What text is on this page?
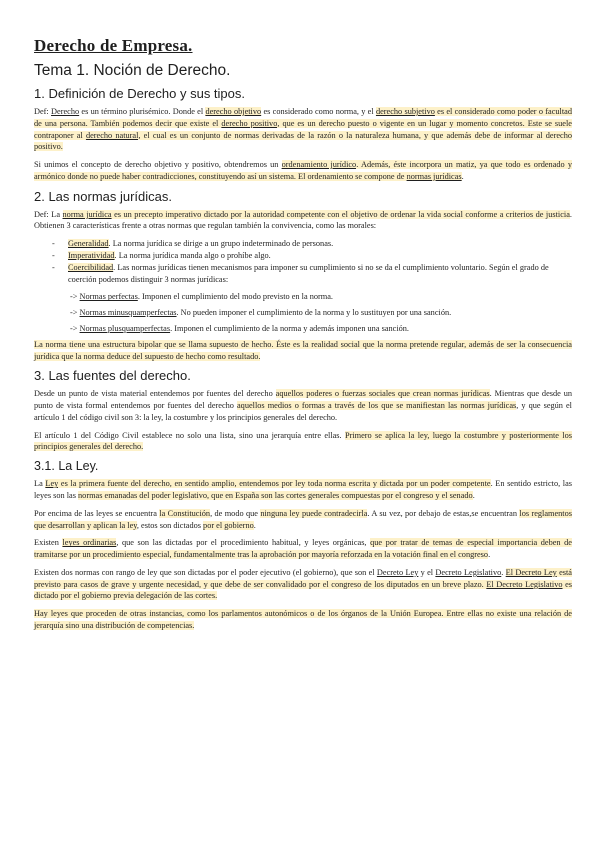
Derecho de Empresa.
Tema 1. Noción de Derecho.
1. Definición de Derecho y sus tipos.

Def: Derecho es un término plurisémico. Donde el derecho objetivo es considerado como norma, y el derecho subjetivo es el considerado como poder o facultad de una persona. También podemos decir que existe el derecho positivo, que es un derecho puesto o vigente en un lugar y momento concretos. Este se suele contraponer al derecho natural, el cual es un conjunto de normas derivadas de la razón o la naturaleza humana, y que además debe de informar al derecho positivo.

Si unimos el concepto de derecho objetivo y positivo, obtendremos un ordenamiento jurídico. Además, éste incorpora un matiz, ya que todo es ordenado y armónico donde no puede haber contradicciones, constituyendo así un sistema. El ordenamiento se compone de normas jurídicas.

2. Las normas jurídicas.

Def: La norma jurídica es un precepto imperativo dictado por la autoridad competente con el objetivo de ordenar la vida social conforme a criterios de justicia. Obtienen 3 características frente a otras normas que regulan también la convivencia, como las morales:

- Generalidad. La norma jurídica se dirige a un grupo indeterminado de personas.
- Imperatividad. La norma jurídica manda algo o prohíbe algo.
- Coercibilidad. Las normas jurídicas tienen mecanismos para imponer su cumplimiento si no se da el cumplimiento voluntario. Según el grado de coerción podemos distinguir 3 normas jurídicas:
-> Normas perfectas. Imponen el cumplimiento del modo previsto en la norma.
-> Normas minusquamperfectas. No pueden imponer el cumplimiento de la norma y lo sustituyen por una sanción.
-> Normas plusquamperfectas. Imponen el cumplimiento de la norma y además imponen una sanción.

La norma tiene una estructura bipolar que se llama supuesto de hecho. Éste es la realidad social que la norma pretende regular, además de ser la consecuencia jurídica que la norma deduce del supuesto de hecho como resultado.

3. Las fuentes del derecho.

Desde un punto de vista material entendemos por fuentes del derecho aquellos poderes o fuerzas sociales que crean normas jurídicas. Mientras que desde un punto de vista formal entendemos por fuentes del derecho aquellos medios o formas a través de los que se manifiestan las normas jurídicas, y que según el artículo 1 del código civil son 3: la ley, la costumbre y los principios generales del derecho.

El artículo 1 del Código Civil establece no solo una lista, sino una jerarquía entre ellas. Primero se aplica la ley, luego la costumbre y posteriormente los principios generales del derecho.

3.1. La Ley.

La Ley es la primera fuente del derecho, en sentido amplio, entendemos por ley toda norma escrita y dictada por un poder competente. En sentido estricto, las leyes son las normas emanadas del poder legislativo, que en España son las cortes generales compuestas por el congreso y el senado.

Por encima de las leyes se encuentra la Constitución, de modo que ninguna ley puede contradecirla. A su vez, por debajo de estas,se encuentran los reglamentos que desarrollan y aplican la ley, estos son dictados por el gobierno.

Existen leyes ordinarias, que son las dictadas por el procedimiento habitual, y leyes orgánicas, que por tratar de temas de especial importancia deben de tramitarse por un procedimiento especial, fundamentalmente tras la aprobación por mayoría reforzada en la votación final en el congreso.

Existen dos normas con rango de ley que son dictadas por el poder ejecutivo (el gobierno), que son el Decreto Ley y el Decreto Legislativo. El Decreto Ley está previsto para casos de grave y urgente necesidad, y que debe de ser convalidado por el congreso de los diputados en un breve plazo. El Decreto Legislativo es dictado por el gobierno previa delegación de las cortes.

Hay leyes que proceden de otras instancias, como los parlamentos autonómicos o de los órganos de la Unión Europea. Entre ellas no existe una relación de jerarquía sino una distribución de competencias.
